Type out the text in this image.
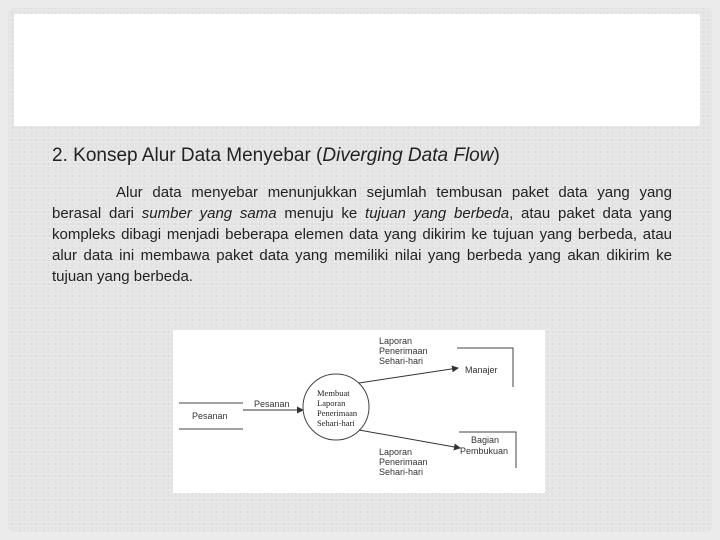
2. Konsep Alur Data Menyebar (Diverging Data Flow)
Alur data menyebar menunjukkan sejumlah tembusan paket data yang yang berasal dari sumber yang sama menuju ke tujuan yang berbeda, atau paket data yang kompleks dibagi menjadi beberapa elemen data yang dikirim ke tujuan yang berbeda, atau alur data ini membawa paket data yang memiliki nilai yang berbeda yang akan dikirim ke tujuan yang berbeda.
Pesanan
Pesanan
Membuat
Laporan
Penerimaan
Sehari-hari
Laporan
Penerimaan
Sehari-hari
Manajer
Laporan
Penerimaan
Sehari-hari
Bagian
Pembukuan
